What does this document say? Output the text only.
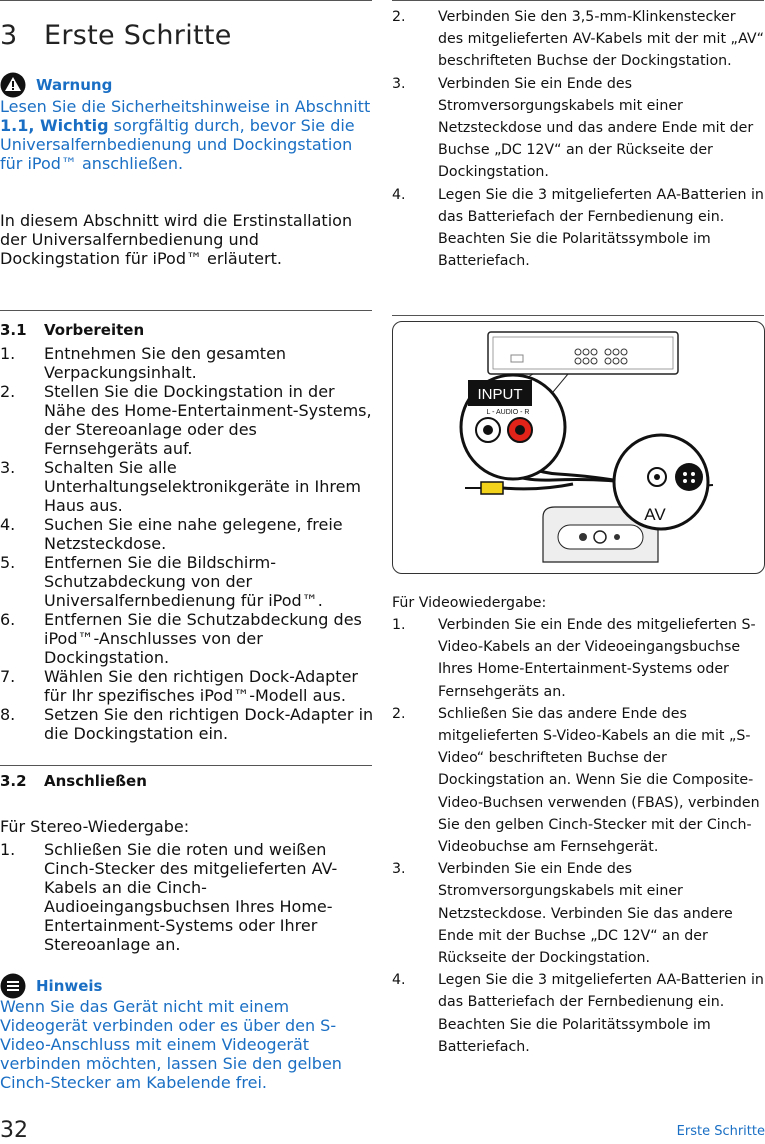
3 Erste Schritte
Warnung
Lesen Sie die Sicherheitshinweise in Abschnitt 1.1, Wichtig sorgfältig durch, bevor Sie die Universalfernbedienung und Dockingstation für iPod™ anschließen.
In diesem Abschnitt wird die Erstinstallation der Universalfernbedienung und Dockingstation für iPod™ erläutert.
3.1 Vorbereiten
1. Entnehmen Sie den gesamten Verpackungsinhalt.
2. Stellen Sie die Dockingstation in der Nähe des Home-Entertainment-Systems, der Stereoanlage oder des Fernsehgeräts auf.
3. Schalten Sie alle Unterhaltungselektronikgeräte in Ihrem Haus aus.
4. Suchen Sie eine nahe gelegene, freie Netzsteckdose.
5. Entfernen Sie die Bildschirm-Schutzabdeckung von der Universalfernbedienung für iPod™.
6. Entfernen Sie die Schutzabdeckung des iPod™-Anschlusses von der Dockingstation.
7. Wählen Sie den richtigen Dock-Adapter für Ihr spezifisches iPod™-Modell aus.
8. Setzen Sie den richtigen Dock-Adapter in die Dockingstation ein.
3.2 Anschließen
Für Stereo-Wiedergabe:
1. Schließen Sie die roten und weißen Cinch-Stecker des mitgelieferten AV-Kabels an die Cinch-Audioeingangsbuchsen Ihres Home-Entertainment-Systems oder Ihrer Stereoanlage an.
Hinweis
Wenn Sie das Gerät nicht mit einem Videogerät verbinden oder es über den S-Video-Anschluss mit einem Videogerät verbinden möchten, lassen Sie den gelben Cinch-Stecker am Kabelende frei.
32	Erste Schritte
2. Verbinden Sie den 3,5-mm-Klinkenstecker des mitgelieferten AV-Kabels mit der mit „AV“ beschrifteten Buchse der Dockingstation.
3. Verbinden Sie ein Ende des Stromversorgungskabels mit einer Netzsteckdose und das andere Ende mit der Buchse „DC 12V“ an der Rückseite der Dockingstation.
4. Legen Sie die 3 mitgelieferten AA-Batterien in das Batteriefach der Fernbedienung ein. Beachten Sie die Polaritätssymbole im Batteriefach.
INPUT
L - AUDIO - R
AV
Für Videowiedergabe:
1. Verbinden Sie ein Ende des mitgelieferten S-Video-Kabels an der Videoeingangsbuchse Ihres Home-Entertainment-Systems oder Fernsehgeräts an.
2. Schließen Sie das andere Ende des mitgelieferten S-Video-Kabels an die mit „S-Video“ beschrifteten Buchse der Dockingstation an. Wenn Sie die Composite-Video-Buchsen verwenden (FBAS), verbinden Sie den gelben Cinch-Stecker mit der Cinch-Videobuchse am Fernsehgerät.
3. Verbinden Sie ein Ende des Stromversorgungskabels mit einer Netzsteckdose. Verbinden Sie das andere Ende mit der Buchse „DC 12V“ an der Rückseite der Dockingstation.
4. Legen Sie die 3 mitgelieferten AA-Batterien in das Batteriefach der Fernbedienung ein. Beachten Sie die Polaritätssymbole im Batteriefach.
